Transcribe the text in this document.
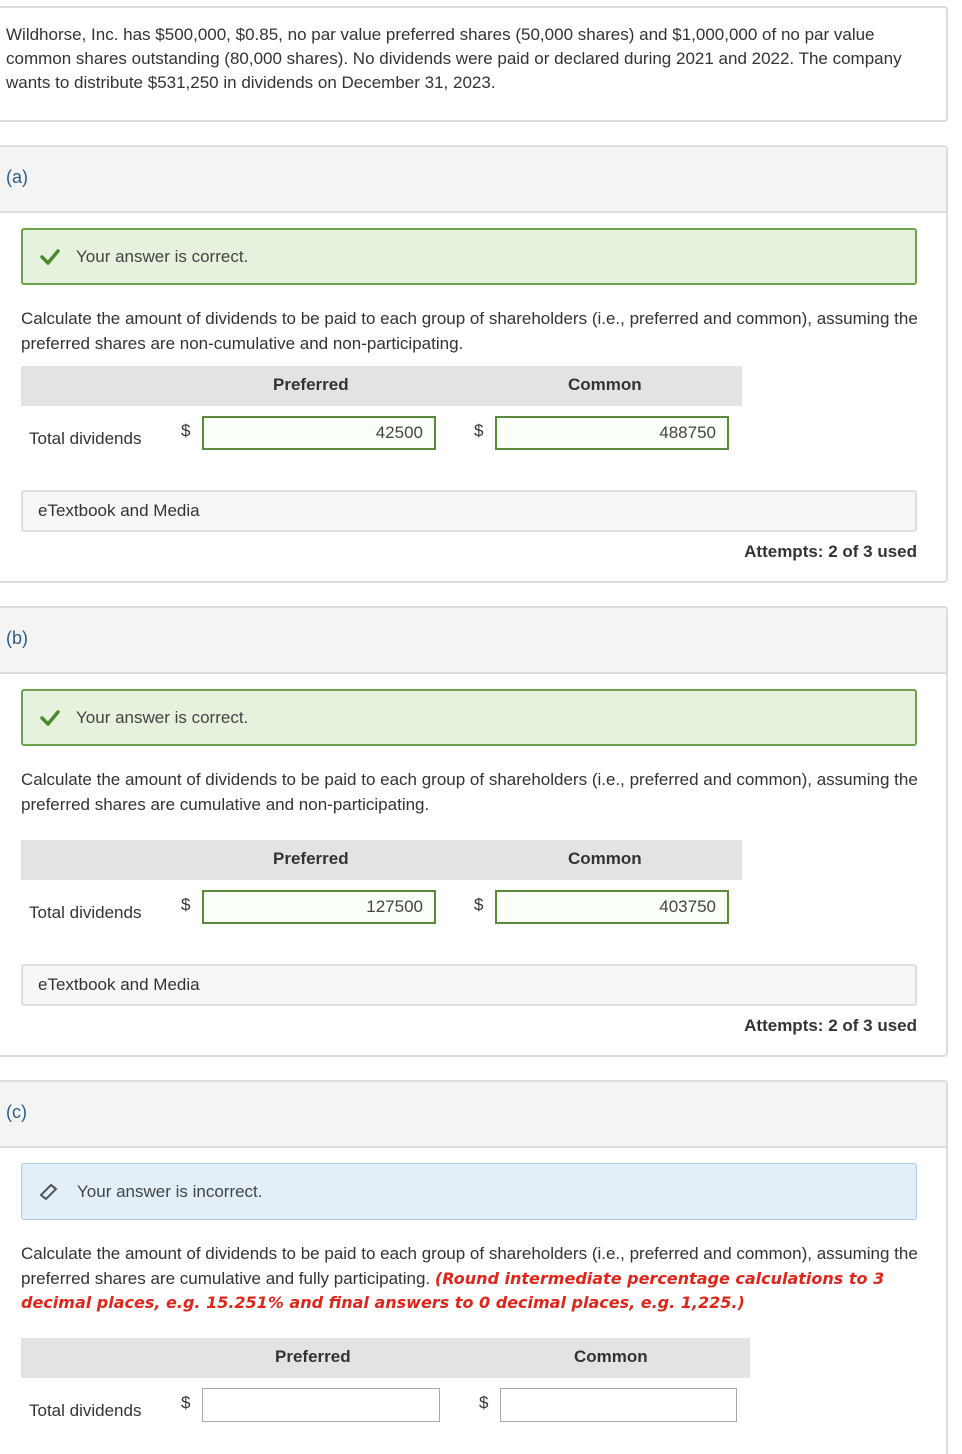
Wildhorse, Inc. has $500,000, $0.85, no par value preferred shares (50,000 shares) and $1,000,000 of no par value common shares outstanding (80,000 shares). No dividends were paid or declared during 2021 and 2022. The company wants to distribute $531,250 in dividends on December 31, 2023.
(a)
Your answer is correct.
Calculate the amount of dividends to be paid to each group of shareholders (i.e., preferred and common), assuming the preferred shares are non-cumulative and non-participating.
Preferred	Common
Total dividends $	42500	$	488750
eTextbook and Media
Attempts: 2 of 3 used
(b)
Your answer is correct.
Calculate the amount of dividends to be paid to each group of shareholders (i.e., preferred and common), assuming the preferred shares are cumulative and non-participating.
Preferred	Common
Total dividends $	127500	$	403750
eTextbook and Media
Attempts: 2 of 3 used
(c)
Your answer is incorrect.
Calculate the amount of dividends to be paid to each group of shareholders (i.e., preferred and common), assuming the preferred shares are cumulative and fully participating. (Round intermediate percentage calculations to 3 decimal places, e.g. 15.251% and final answers to 0 decimal places, e.g. 1,225.)
Preferred	Common
Total dividends $	$
